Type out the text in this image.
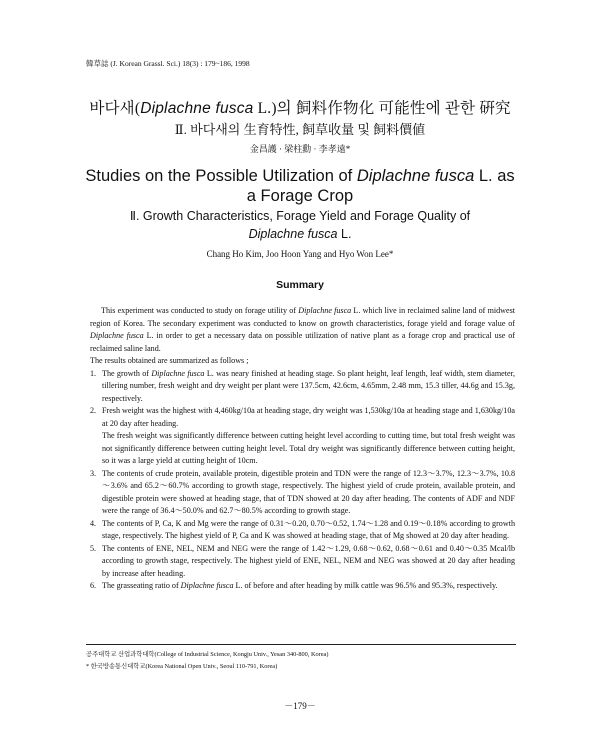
韓草誌 (J. Korean Grassl. Sci.) 18(3) : 179~186, 1998
바다새(Diplachne fusca L.)의 飼料作物化 可能性에 관한 硏究
Ⅱ. 바다새의 生育特性, 飼草收量 및 飼料價値
金昌護 · 梁柱勳 · 李孝遠*
Studies on the Possible Utilization of Diplachne fusca L. as
a Forage Crop
Ⅱ. Growth Characteristics, Forage Yield and Forage Quality of
Diplachne fusca L.
Chang Ho Kim, Joo Hoon Yang and Hyo Won Lee*
Summary

This experiment was conducted to study on forage utility of Diplachne fusca L. which live in reclaimed saline land of midwest region of Korea. The secondary experiment was conducted to know on growth characteristics, forage yield and forage value of Diplachne fusca L. in order to get a necessary data on possible utilization of native plant as a forage crop and practical use of reclaimed saline land.

The results obtained are summarized as follows ;

1. The growth of Diplachne fusca L. was neary finished at heading stage. So plant height, leaf length, leaf width, stem diameter, tillering number, fresh weight and dry weight per plant were 137.5cm, 42.6cm, 4.65mm, 2.48 mm, 15.3 tiller, 44.6g and 15.3g, respectively.
2. Fresh weight was the highest with 4,460kg/10a at heading stage, dry weight was 1,530kg/10a at heading stage and 1,630kg/10a at 20 day after heading.

The fresh weight was significantly difference between cutting height level according to cutting time, but total fresh weight was not significantly difference between cutting height level. Total dry weight was significantly difference between cutting height, so it was a large yield at cutting height of 10cm.

3. The contents of crude protein, available protein, digestible protein and TDN were the range of 12.3～3.7%, 12.3～3.7%, 10.8～3.6% and 65.2～60.7% according to growth stage, respectively. The highest yield of crude protein, available protein, and digestible protein were showed at heading stage, that of TDN showed at 20 day after heading. The contents of ADF and NDF were the range of 36.4～50.0% and 62.7～80.5% according to growth stage.
4. The contents of P, Ca, K and Mg were the range of 0.31～0.20, 0.70～0.52, 1.74～1.28 and 0.19～0.18% according to growth stage, respectively. The highest yield of P, Ca and K was showed at heading stage, that of Mg showed at 20 day after heading.
5. The contents of ENE, NEL, NEM and NEG were the range of 1.42～1.29, 0.68～0.62, 0.68～0.61 and 0.40～0.35 Mcal/lb according to growth stage, respectively. The highest yield of ENE, NEL, NEM and NEG was showed at 20 day after heading by increase after heading.
6. The grasseating ratio of Diplachne fusca L. of before and after heading by milk cattle was 96.5% and 95.3%, respectively.
공주대학교 산업과학대학(College of Industrial Science, Kongju Univ., Yesan 340-800, Korea)
* 한국방송통신대학교(Korea National Open Univ., Seoul 110-791, Korea)
－179－
